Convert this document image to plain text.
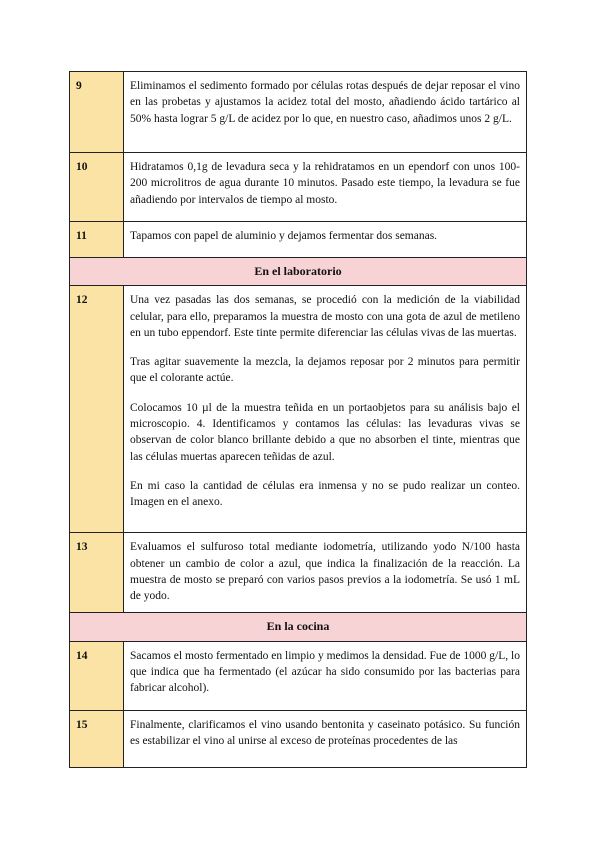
9	Eliminamos el sedimento formado por células rotas después de dejar reposar el vino en las probetas y ajustamos la acidez total del mosto, añadiendo ácido tartárico al 50% hasta lograr 5 g/L de acidez por lo que, en nuestro caso, añadimos unos 2 g/L.

10	Hidratamos 0,1g de levadura seca y la rehidratamos en un ependorf con unos 100-200 microlitros de agua durante 10 minutos. Pasado este tiempo, la levadura se fue añadiendo por intervalos de tiempo al mosto.

11	Tapamos con papel de aluminio y dejamos fermentar dos semanas.

En el laboratorio	
12	Una vez pasadas las dos semanas, se procedió con la medición de la viabilidad celular, para ello, preparamos la muestra de mosto con una gota de azul de metileno en un tubo eppendorf. Este tinte permite diferenciar las células vivas de las muertas.

Tras agitar suavemente la mezcla, la dejamos reposar por 2 minutos para permitir que el colorante actúe.

Colocamos 10 µl de la muestra teñida en un portaobjetos para su análisis bajo el microscopio. 4. Identificamos y contamos las células: las levaduras vivas se observan de color blanco brillante debido a que no absorben el tinte, mientras que las células muertas aparecen teñidas de azul.

En mi caso la cantidad de células era inmensa y no se pudo realizar un conteo. Imagen en el anexo.

13	Evaluamos el sulfuroso total mediante iodometría, utilizando yodo N/100 hasta obtener un cambio de color a azul, que indica la finalización de la reacción. La muestra de mosto se preparó con varios pasos previos a la iodometría. Se usó 1 mL de yodo.

En la cocina	
14	Sacamos el mosto fermentado en limpio y medimos la densidad. Fue de 1000 g/L, lo que indica que ha fermentado (el azúcar ha sido consumido por las bacterias para fabricar alcohol).

15	Finalmente, clarificamos el vino usando bentonita y caseinato potásico. Su función es estabilizar el vino al unirse al exceso de proteínas procedentes de las
